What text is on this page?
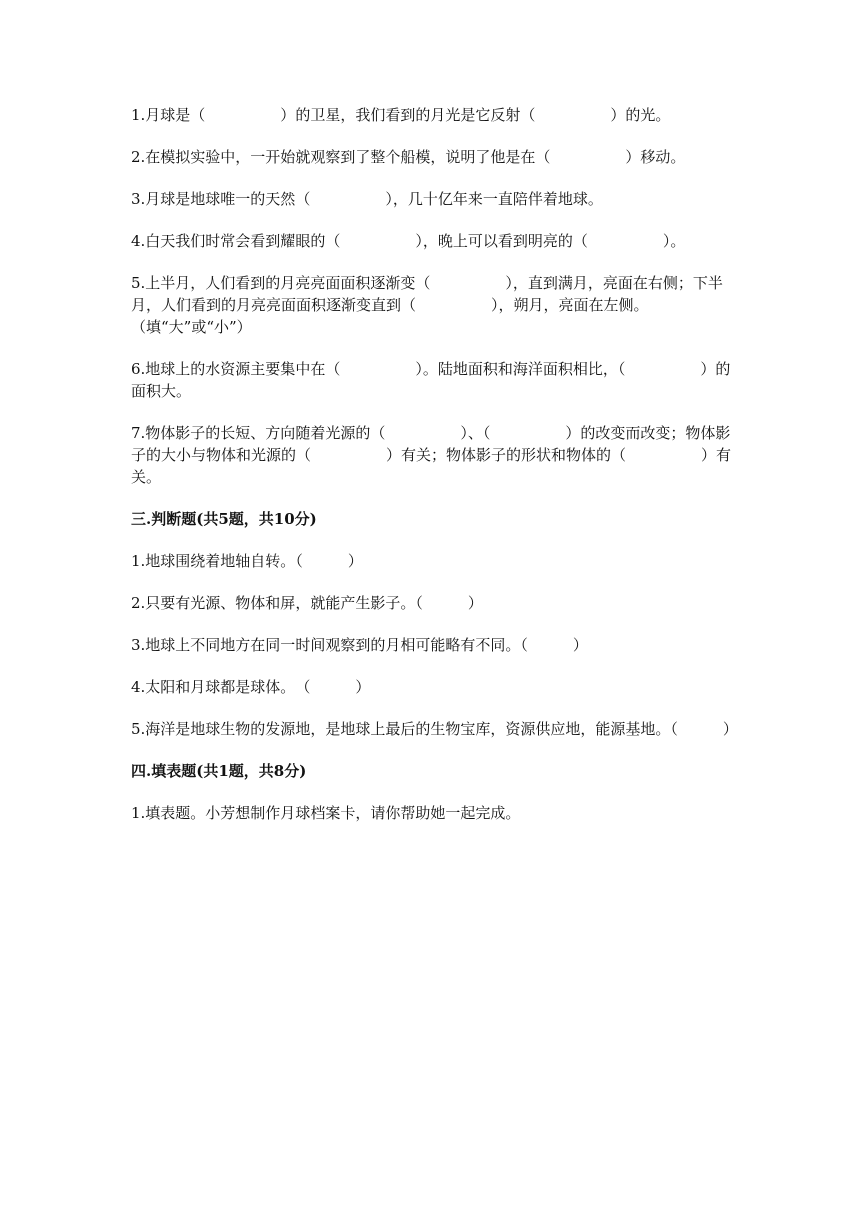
1.月球是（　　　　　）的卫星，我们看到的月光是它反射（　　　　　）的光。

2.在模拟实验中，一开始就观察到了整个船模，说明了他是在（　　　　　）移动。

3.月球是地球唯一的天然（　　　　　），几十亿年来一直陪伴着地球。

4.白天我们时常会看到耀眼的（　　　　　），晚上可以看到明亮的（　　　　　）。

5.上半月，人们看到的月亮亮面面积逐渐变（　　　　　），直到满月，亮面在右侧；下半月，人们看到的月亮亮面面积逐渐变直到（　　　　　），朔月，亮面在左侧。（填“大”或“小”）

6.地球上的水资源主要集中在（　　　　　）。陆地面积和海洋面积相比，（　　　　　）的面积大。

7.物体影子的长短、方向随着光源的（　　　　　）、（　　　　　）的改变而改变；物体影子的大小与物体和光源的（　　　　　）有关；物体影子的形状和物体的（　　　　　）有关。

三.判断题(共5题，共10分)

1.地球围绕着地轴自转。（　　　）

2.只要有光源、物体和屏，就能产生影子。（　　　）

3.地球上不同地方在同一时间观察到的月相可能略有不同。（　　　）

4.太阳和月球都是球体。　（　　　）

5.海洋是地球生物的发源地，是地球上最后的生物宝库，资源供应地，能源基地。（　　　）

四.填表题(共1题，共8分)

1.填表题。小芳想制作月球档案卡，请你帮助她一起完成。
